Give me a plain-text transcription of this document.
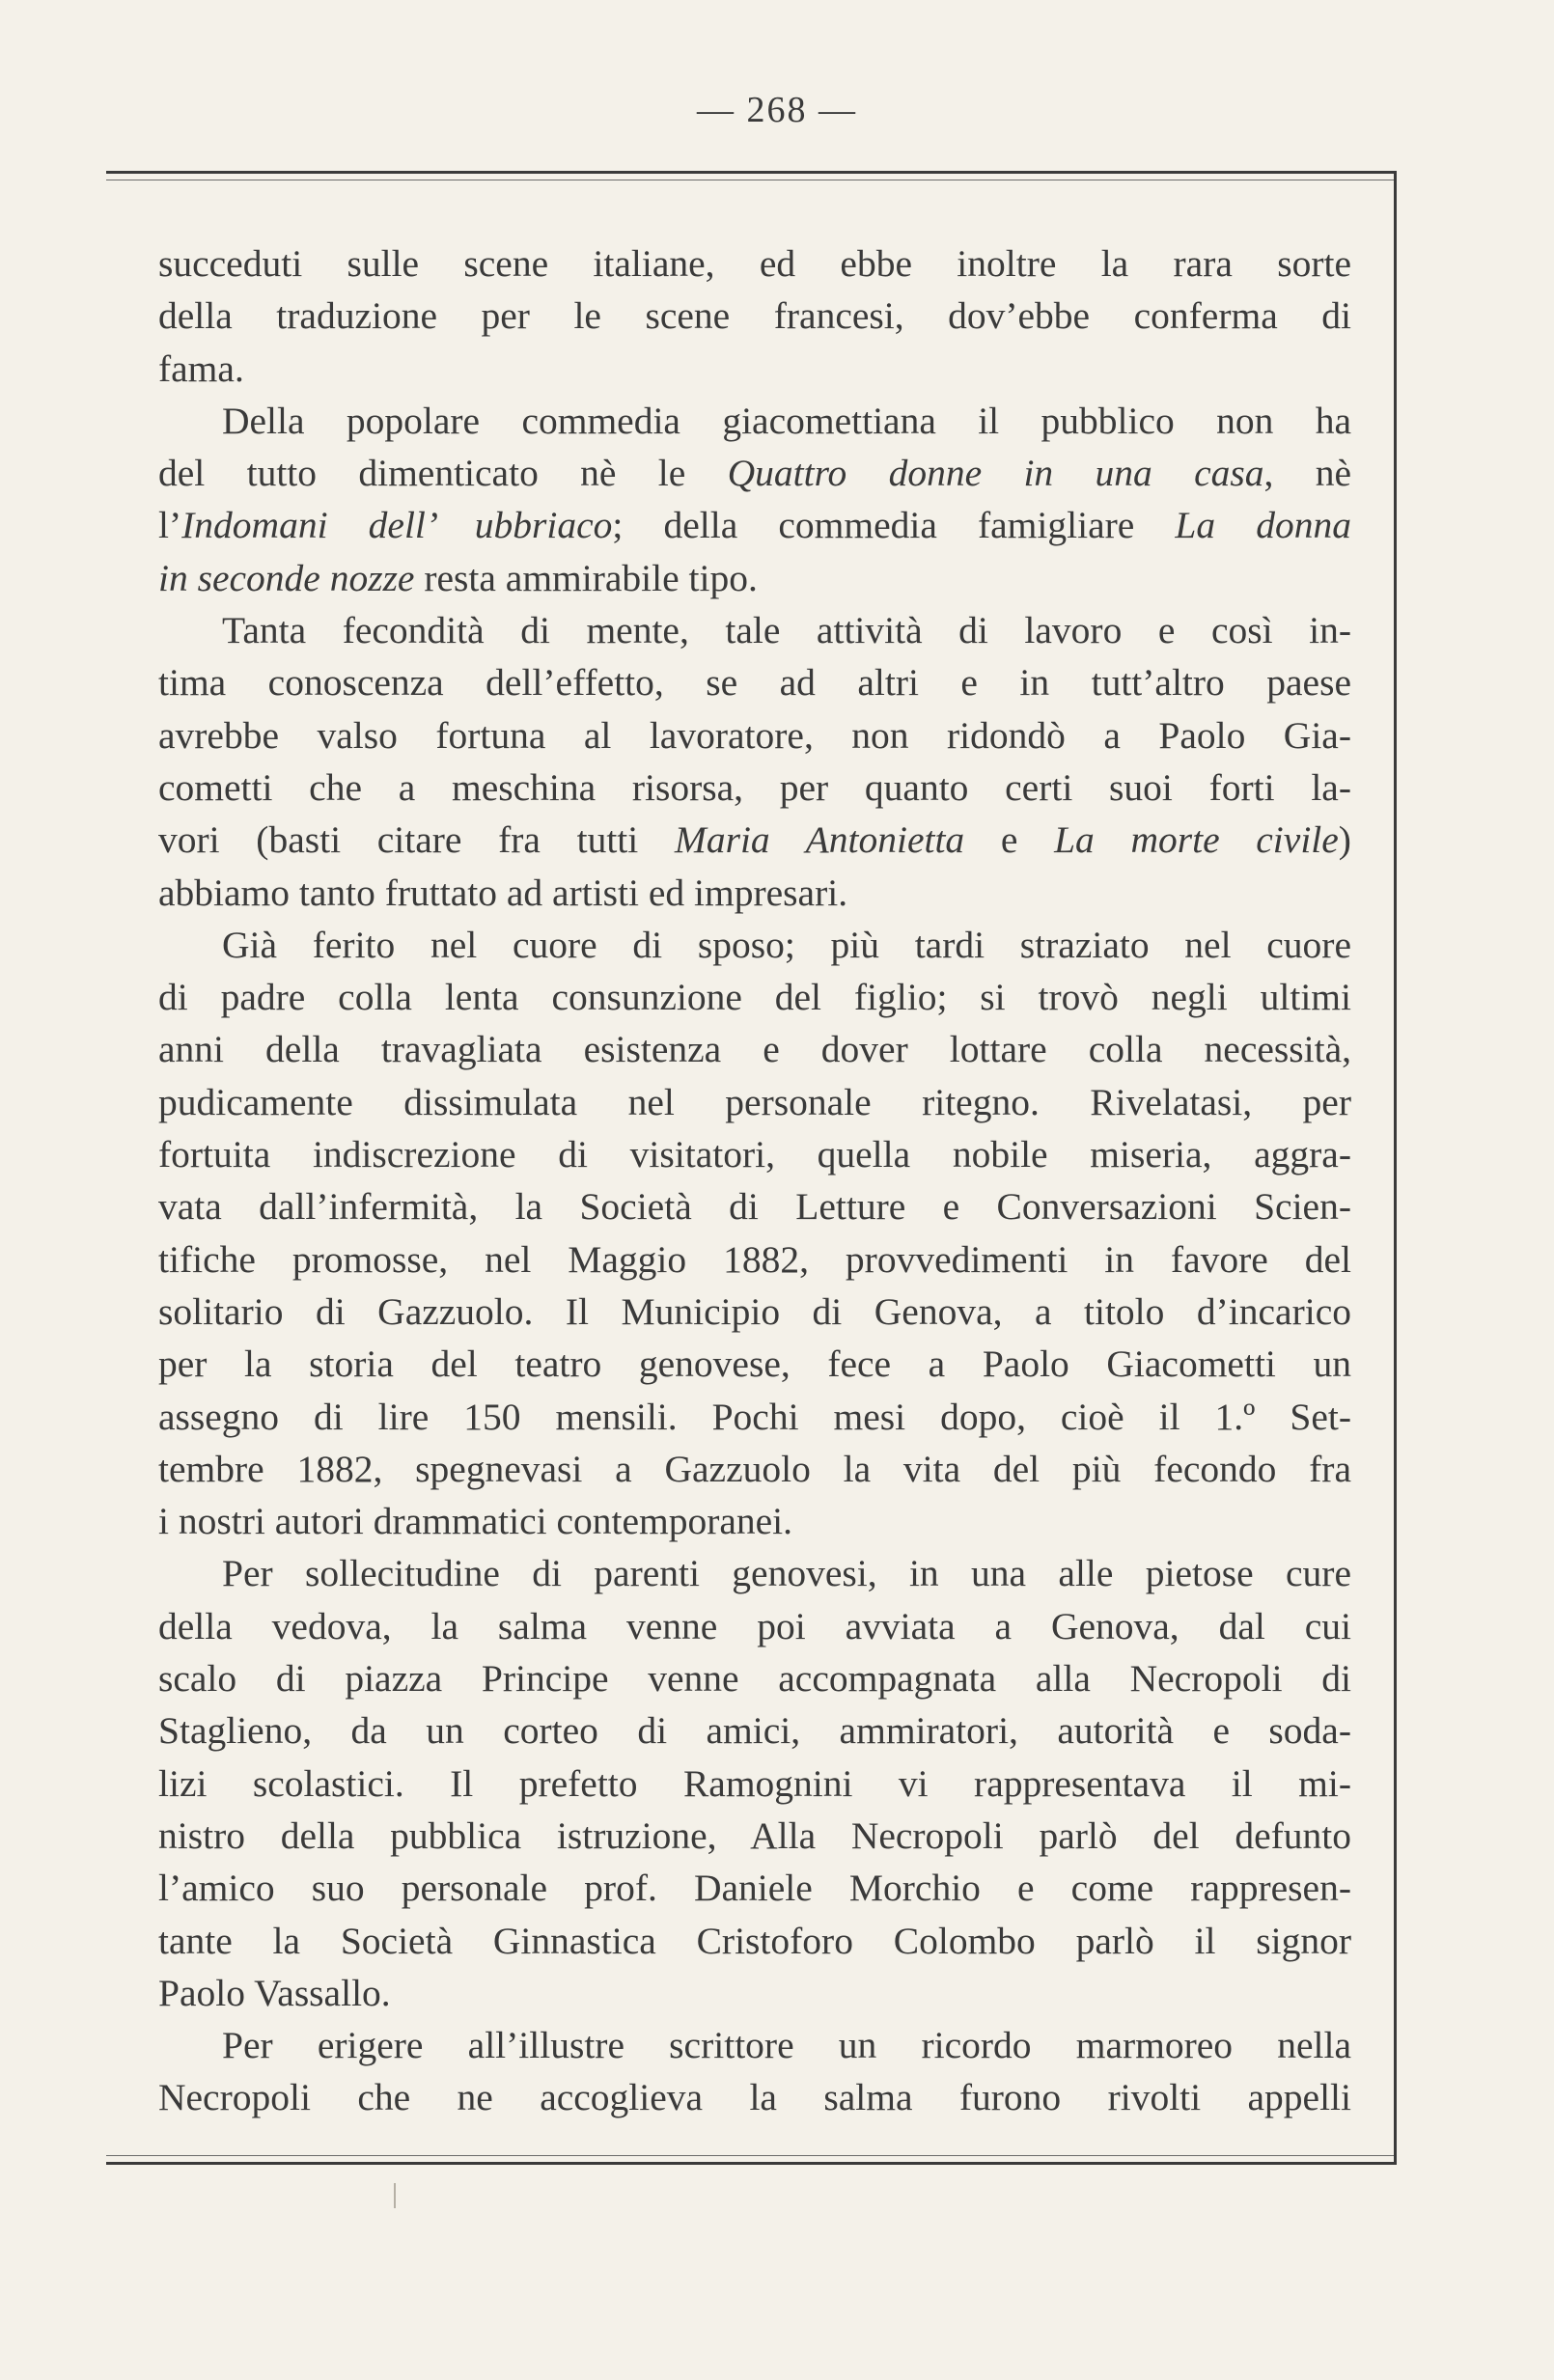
— 268 —
succeduti sulle scene italiane, ed ebbe inoltre la rara sorte
della traduzione per le scene francesi, dov’ebbe conferma di
fama.
Della popolare commedia giacomettiana il pubblico non ha
del tutto dimenticato nè le Quattro donne in una casa, nè
l’Indomani dell’ ubbriaco; della commedia famigliare La donna
in seconde nozze resta ammirabile tipo.
Tanta fecondità di mente, tale attività di lavoro e così in-
tima conoscenza dell’effetto, se ad altri e in tutt’altro paese
avrebbe valso fortuna al lavoratore, non ridondò a Paolo Gia-
cometti che a meschina risorsa, per quanto certi suoi forti la-
vori (basti citare fra tutti Maria Antonietta e La morte civile)
abbiamo tanto fruttato ad artisti ed impresari.
Già ferito nel cuore di sposo; più tardi straziato nel cuore
di padre colla lenta consunzione del figlio; si trovò negli ultimi
anni della travagliata esistenza e dover lottare colla necessità,
pudicamente dissimulata nel personale ritegno. Rivelatasi, per
fortuita indiscrezione di visitatori, quella nobile miseria, aggra-
vata dall’infermità, la Società di Letture e Conversazioni Scien-
tifiche promosse, nel Maggio 1882, provvedimenti in favore del
solitario di Gazzuolo. Il Municipio di Genova, a titolo d’incarico
per la storia del teatro genovese, fece a Paolo Giacometti un
assegno di lire 150 mensili. Pochi mesi dopo, cioè il 1.º Set-
tembre 1882, spegnevasi a Gazzuolo la vita del più fecondo fra
i nostri autori drammatici contemporanei.
Per sollecitudine di parenti genovesi, in una alle pietose cure
della vedova, la salma venne poi avviata a Genova, dal cui
scalo di piazza Principe venne accompagnata alla Necropoli di
Staglieno, da un corteo di amici, ammiratori, autorità e soda-
lizi scolastici. Il prefetto Ramognini vi rappresentava il mi-
nistro della pubblica istruzione, Alla Necropoli parlò del defunto
l’amico suo personale prof. Daniele Morchio e come rappresen-
tante la Società Ginnastica Cristoforo Colombo parlò il signor
Paolo Vassallo.
Per erigere all’illustre scrittore un ricordo marmoreo nella
Necropoli che ne accoglieva la salma furono rivolti appelli
